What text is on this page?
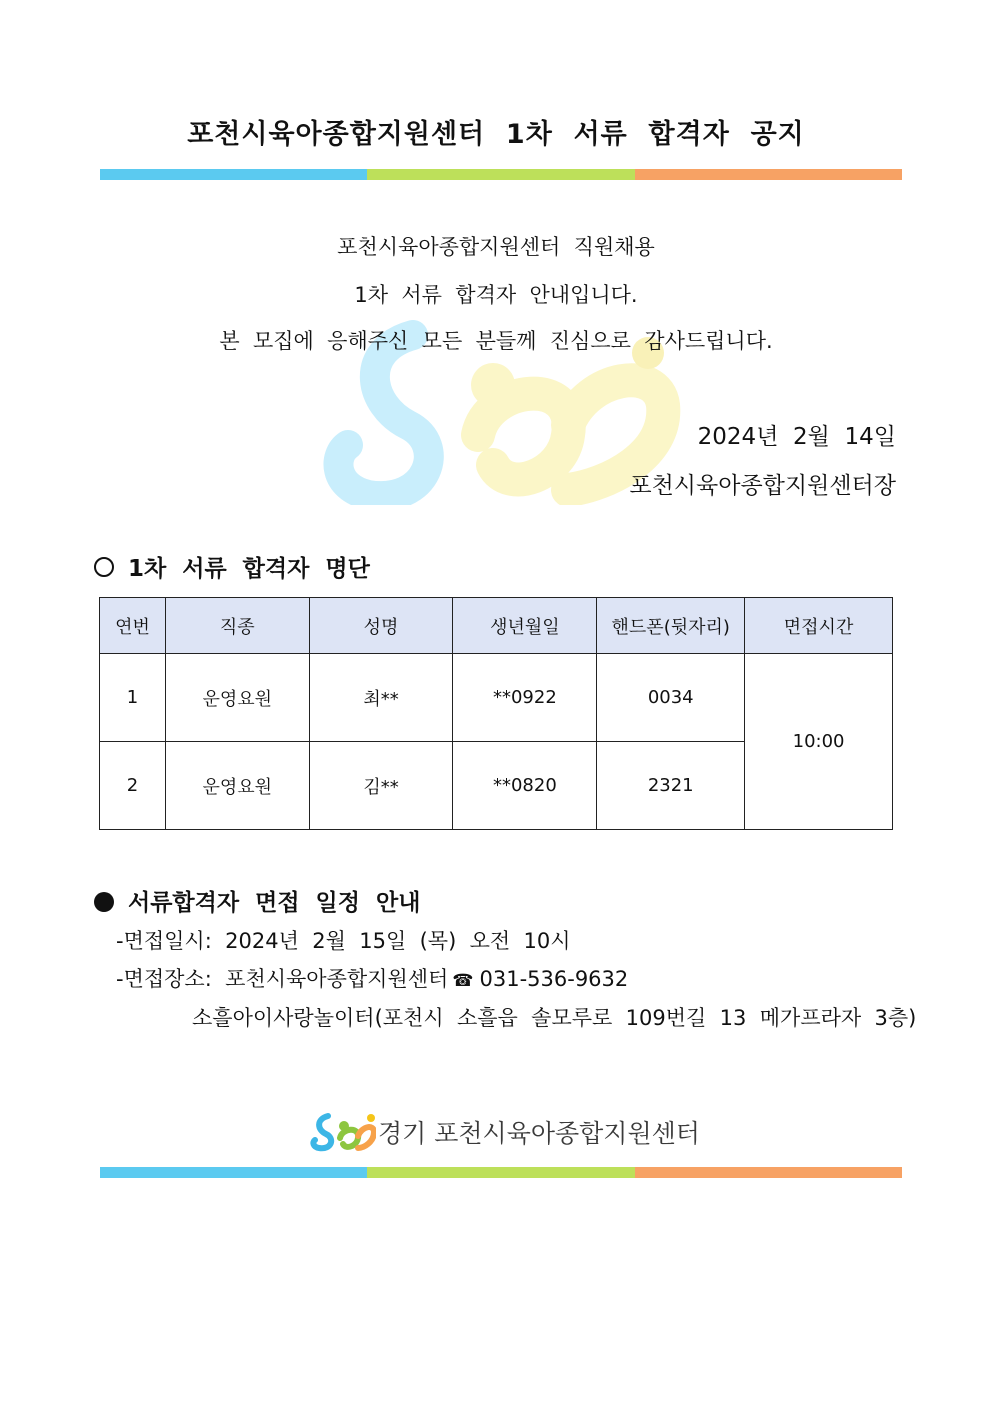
포천시육아종합지원센터  1차  서류  합격자  공지
포천시육아종합지원센터  직원채용
1차  서류  합격자  안내입니다.
본  모집에  응해주신  모든  분들께  진심으로  감사드립니다.
2024년  2월  14일
포천시육아종합지원센터장
1차  서류  합격자  명단
연번	직종	성명	생년월일	핸드폰(뒷자리)	면접시간
1	운영요원	최**	**0922	0034	10:00
2	운영요원	김**	**0820	2321	
서류합격자  면접  일정  안내
-면접일시: 2024년  2월  15일  (목)  오전  10시
-면접장소: 포천시육아종합지원센터 ☎ 031-536-9632
소흘아이사랑놀이터(포천시  소흘읍  솔모루로  109번길  13  메가프라자  3층)
경기 포천시육아종합지원센터
